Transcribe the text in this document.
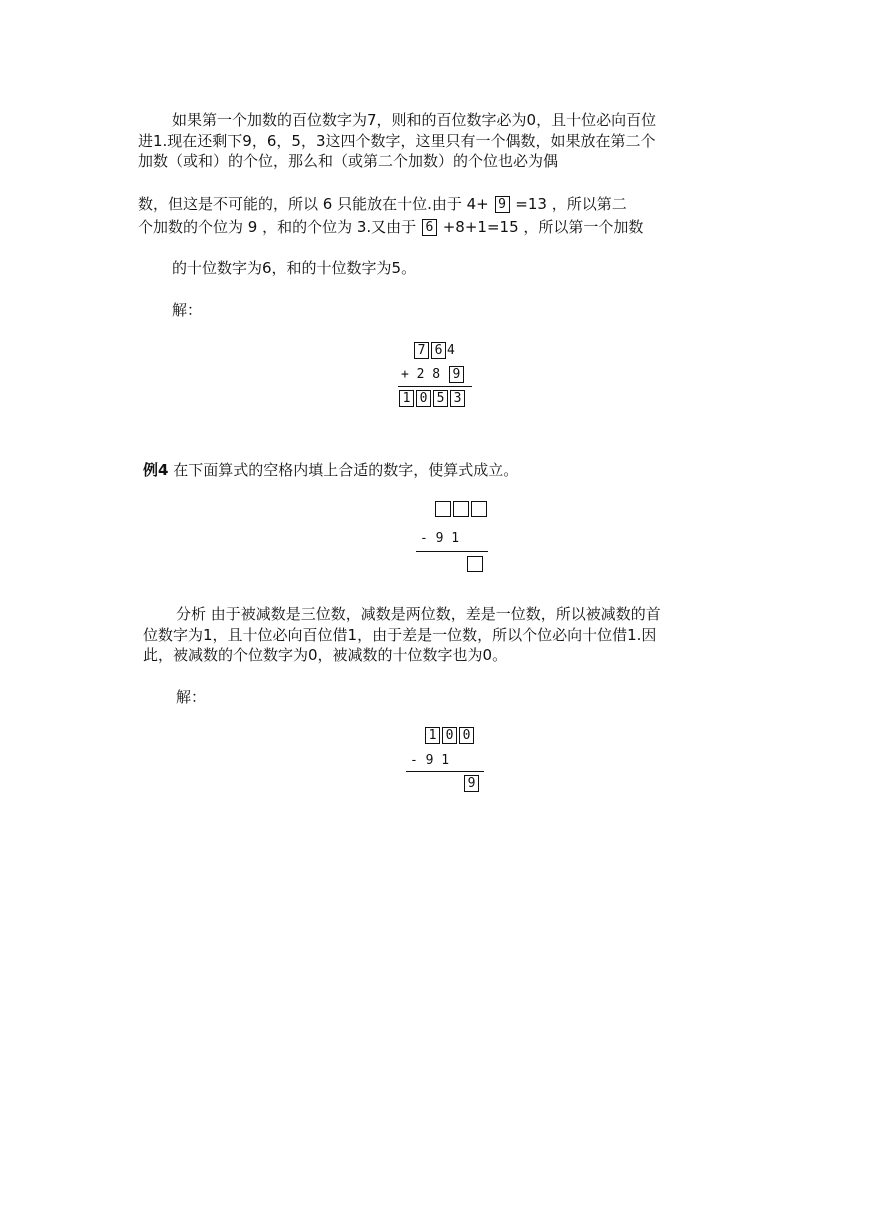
如果第一个加数的百位数字为7，则和的百位数字必为0，且十位必向百位
进1.现在还剩下9，6，5，3这四个数字，这里只有一个偶数，如果放在第二个
加数（或和）的个位，那么和（或第二个加数）的个位也必为偶
数，但这是不可能的，所以 6 只能放在十位.由于 4+ 9 =13 ，所以第二
个加数的个位为 9 ，和的个位为 3.又由于 6 +8+1=15 ，所以第一个加数
的十位数字为6，和的十位数字为5。
解：
7 6 4
+ 2 8 9
1 0 5 3
例4 在下面算式的空格内填上合适的数字，使算式成立。
- 9 1
分析 由于被减数是三位数，减数是两位数，差是一位数，所以被减数的首
位数字为1，且十位必向百位借1，由于差是一位数，所以个位必向十位借1.因
此，被减数的个位数字为0，被减数的十位数字也为0。
解：
1 0 0
- 9 1
9
